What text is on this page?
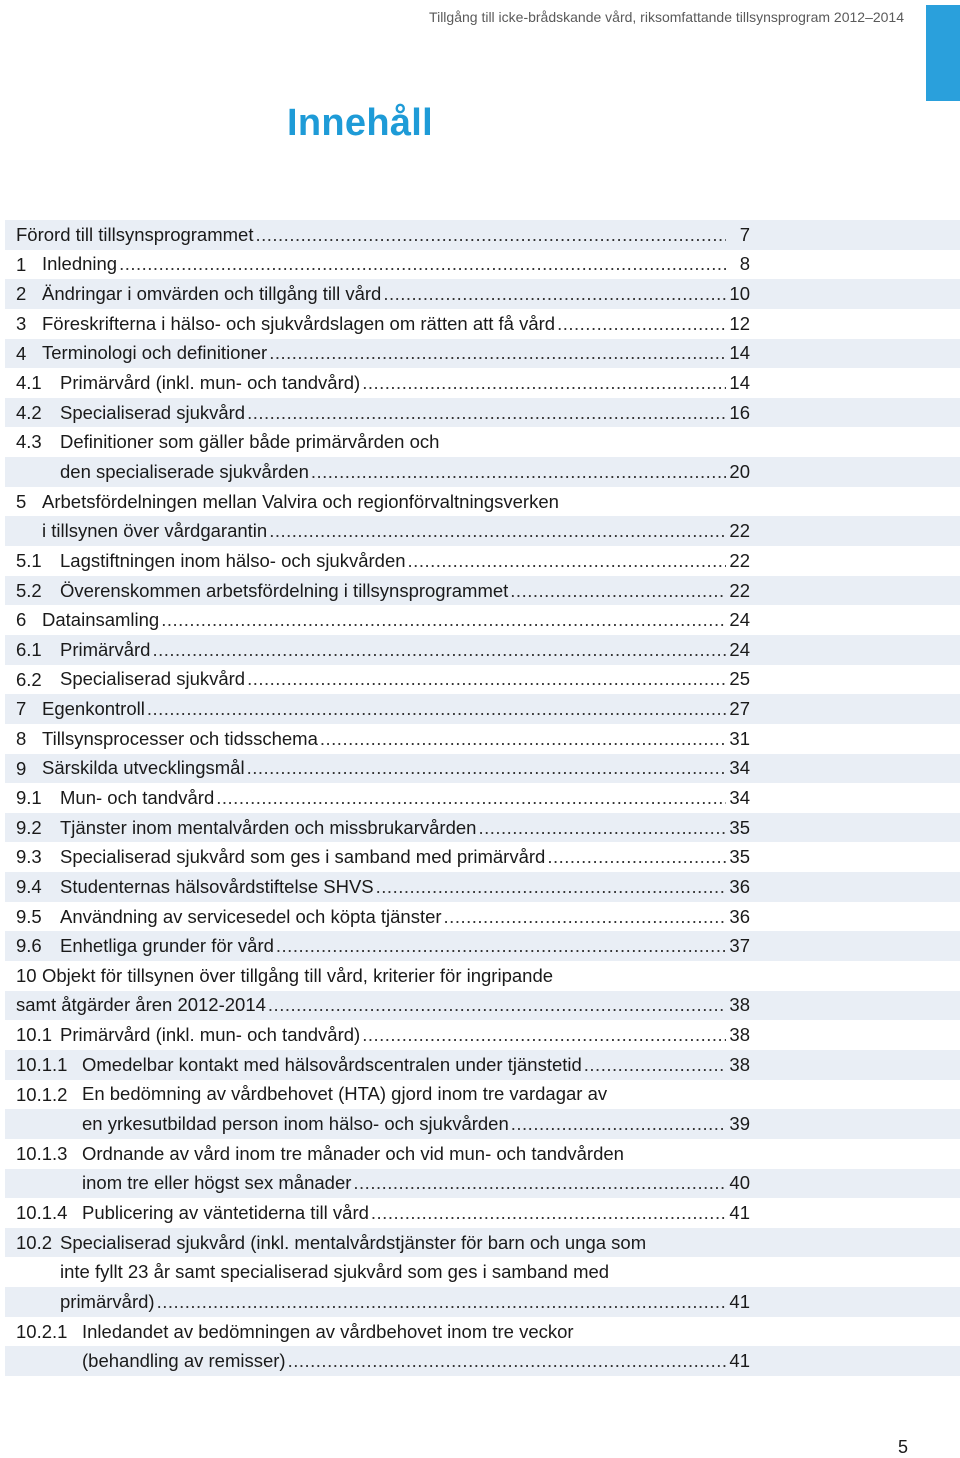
Tillgång till icke-brådskande vård, riksomfattande tillsynsprogram 2012–2014
Innehåll
Förord till tillsynsprogrammet .....	7
1 Inledning .....	8
2 Ändringar i omvärden och tillgång till vård .....	10
3 Föreskrifterna i hälso- och sjukvårdslagen om rätten att få vård .....	12
4 Terminologi och definitioner .....	14
4.1 Primärvård (inkl. mun- och tandvård) .....	14
4.2 Specialiserad sjukvård .....	16
4.3 Definitioner som gäller både primärvården och
den specialiserade sjukvården .....	20
5 Arbetsfördelningen mellan Valvira och regionförvaltningsverken
i tillsynen över vårdgarantin .....	22
5.1 Lagstiftningen inom hälso- och sjukvården .....	22
5.2 Överenskommen arbetsfördelning i tillsynsprogrammet .....	22
6 Datainsamling .....	24
6.1 Primärvård .....	24
6.2 Specialiserad sjukvård .....	25
7 Egenkontroll .....	27
8 Tillsynsprocesser och tidsschema .....	31
9 Särskilda utvecklingsmål .....	34
9.1 Mun- och tandvård .....	34
9.2 Tjänster inom mentalvården och missbrukarvården .....	35
9.3 Specialiserad sjukvård som ges i samband med primärvård .....	35
9.4 Studenternas hälsovårdstiftelse SHVS .....	36
9.5 Användning av servicesedel och köpta tjänster .....	36
9.6 Enhetliga grunder för vård .....	37
10 Objekt för tillsynen över tillgång till vård, kriterier för ingripande
samt åtgärder åren 2012-2014 .....	38
10.1 Primärvård (inkl. mun- och tandvård) .....	38
10.1.1 Omedelbar kontakt med hälsovårdscentralen under tjänstetid .....	38
10.1.2 En bedömning av vårdbehovet (HTA) gjord inom tre vardagar av
en yrkesutbildad person inom hälso- och sjukvården .....	39
10.1.3 Ordnande av vård inom tre månader och vid mun- och tandvården
inom tre eller högst sex månader .....	40
10.1.4 Publicering av väntetiderna till vård .....	41
10.2 Specialiserad sjukvård (inkl. mentalvårdstjänster för barn och unga som
inte fyllt 23 år samt specialiserad sjukvård som ges i samband med
primärvård) .....	41
10.2.1 Inledandet av bedömningen av vårdbehovet inom tre veckor
(behandling av remisser) .....	41
5
